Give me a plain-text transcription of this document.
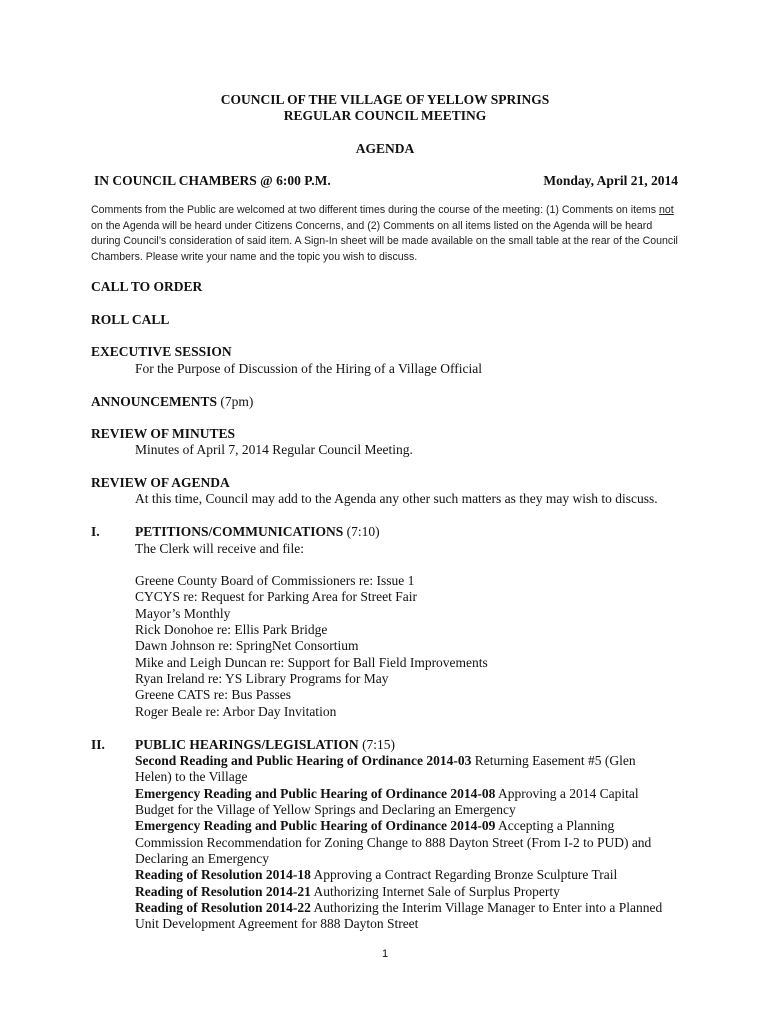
COUNCIL OF THE VILLAGE OF YELLOW SPRINGS
REGULAR COUNCIL MEETING
AGENDA
IN COUNCIL CHAMBERS @ 6:00 P.M.	Monday, April 21, 2014
Comments from the Public are welcomed at two different times during the course of the meeting: (1) Comments on items not on the Agenda will be heard under Citizens Concerns, and (2) Comments on all items listed on the Agenda will be heard during Council’s consideration of said item. A Sign-In sheet will be made available on the small table at the rear of the Council Chambers. Please write your name and the topic you wish to discuss.
CALL TO ORDER
ROLL CALL
EXECUTIVE SESSION
For the Purpose of Discussion of the Hiring of a Village Official
ANNOUNCEMENTS (7pm)
REVIEW OF MINUTES
Minutes of April 7, 2014 Regular Council Meeting.
REVIEW OF AGENDA
At this time, Council may add to the Agenda any other such matters as they may wish to discuss.
I.	PETITIONS/COMMUNICATIONS (7:10)
The Clerk will receive and file:
Greene County Board of Commissioners re: Issue 1
CYCYS re: Request for Parking Area for Street Fair
Mayor’s Monthly
Rick Donohoe re: Ellis Park Bridge
Dawn Johnson re: SpringNet Consortium
Mike and Leigh Duncan re: Support for Ball Field Improvements
Ryan Ireland re: YS Library Programs for May
Greene CATS re: Bus Passes
Roger Beale re: Arbor Day Invitation
II. PUBLIC HEARINGS/LEGISLATION (7:15)
Second Reading and Public Hearing of Ordinance 2014-03 Returning Easement #5 (Glen
Helen) to the Village
Emergency Reading and Public Hearing of Ordinance 2014-08 Approving a 2014 Capital
Budget for the Village of Yellow Springs and Declaring an Emergency
Emergency Reading and Public Hearing of Ordinance 2014-09 Accepting a Planning
Commission Recommendation for Zoning Change to 888 Dayton Street (From I-2 to PUD) and
Declaring an Emergency
Reading of Resolution 2014-18 Approving a Contract Regarding Bronze Sculpture Trail
Reading of Resolution 2014-21 Authorizing Internet Sale of Surplus Property
Reading of Resolution 2014-22 Authorizing the Interim Village Manager to Enter into a Planned
Unit Development Agreement for 888 Dayton Street
1
